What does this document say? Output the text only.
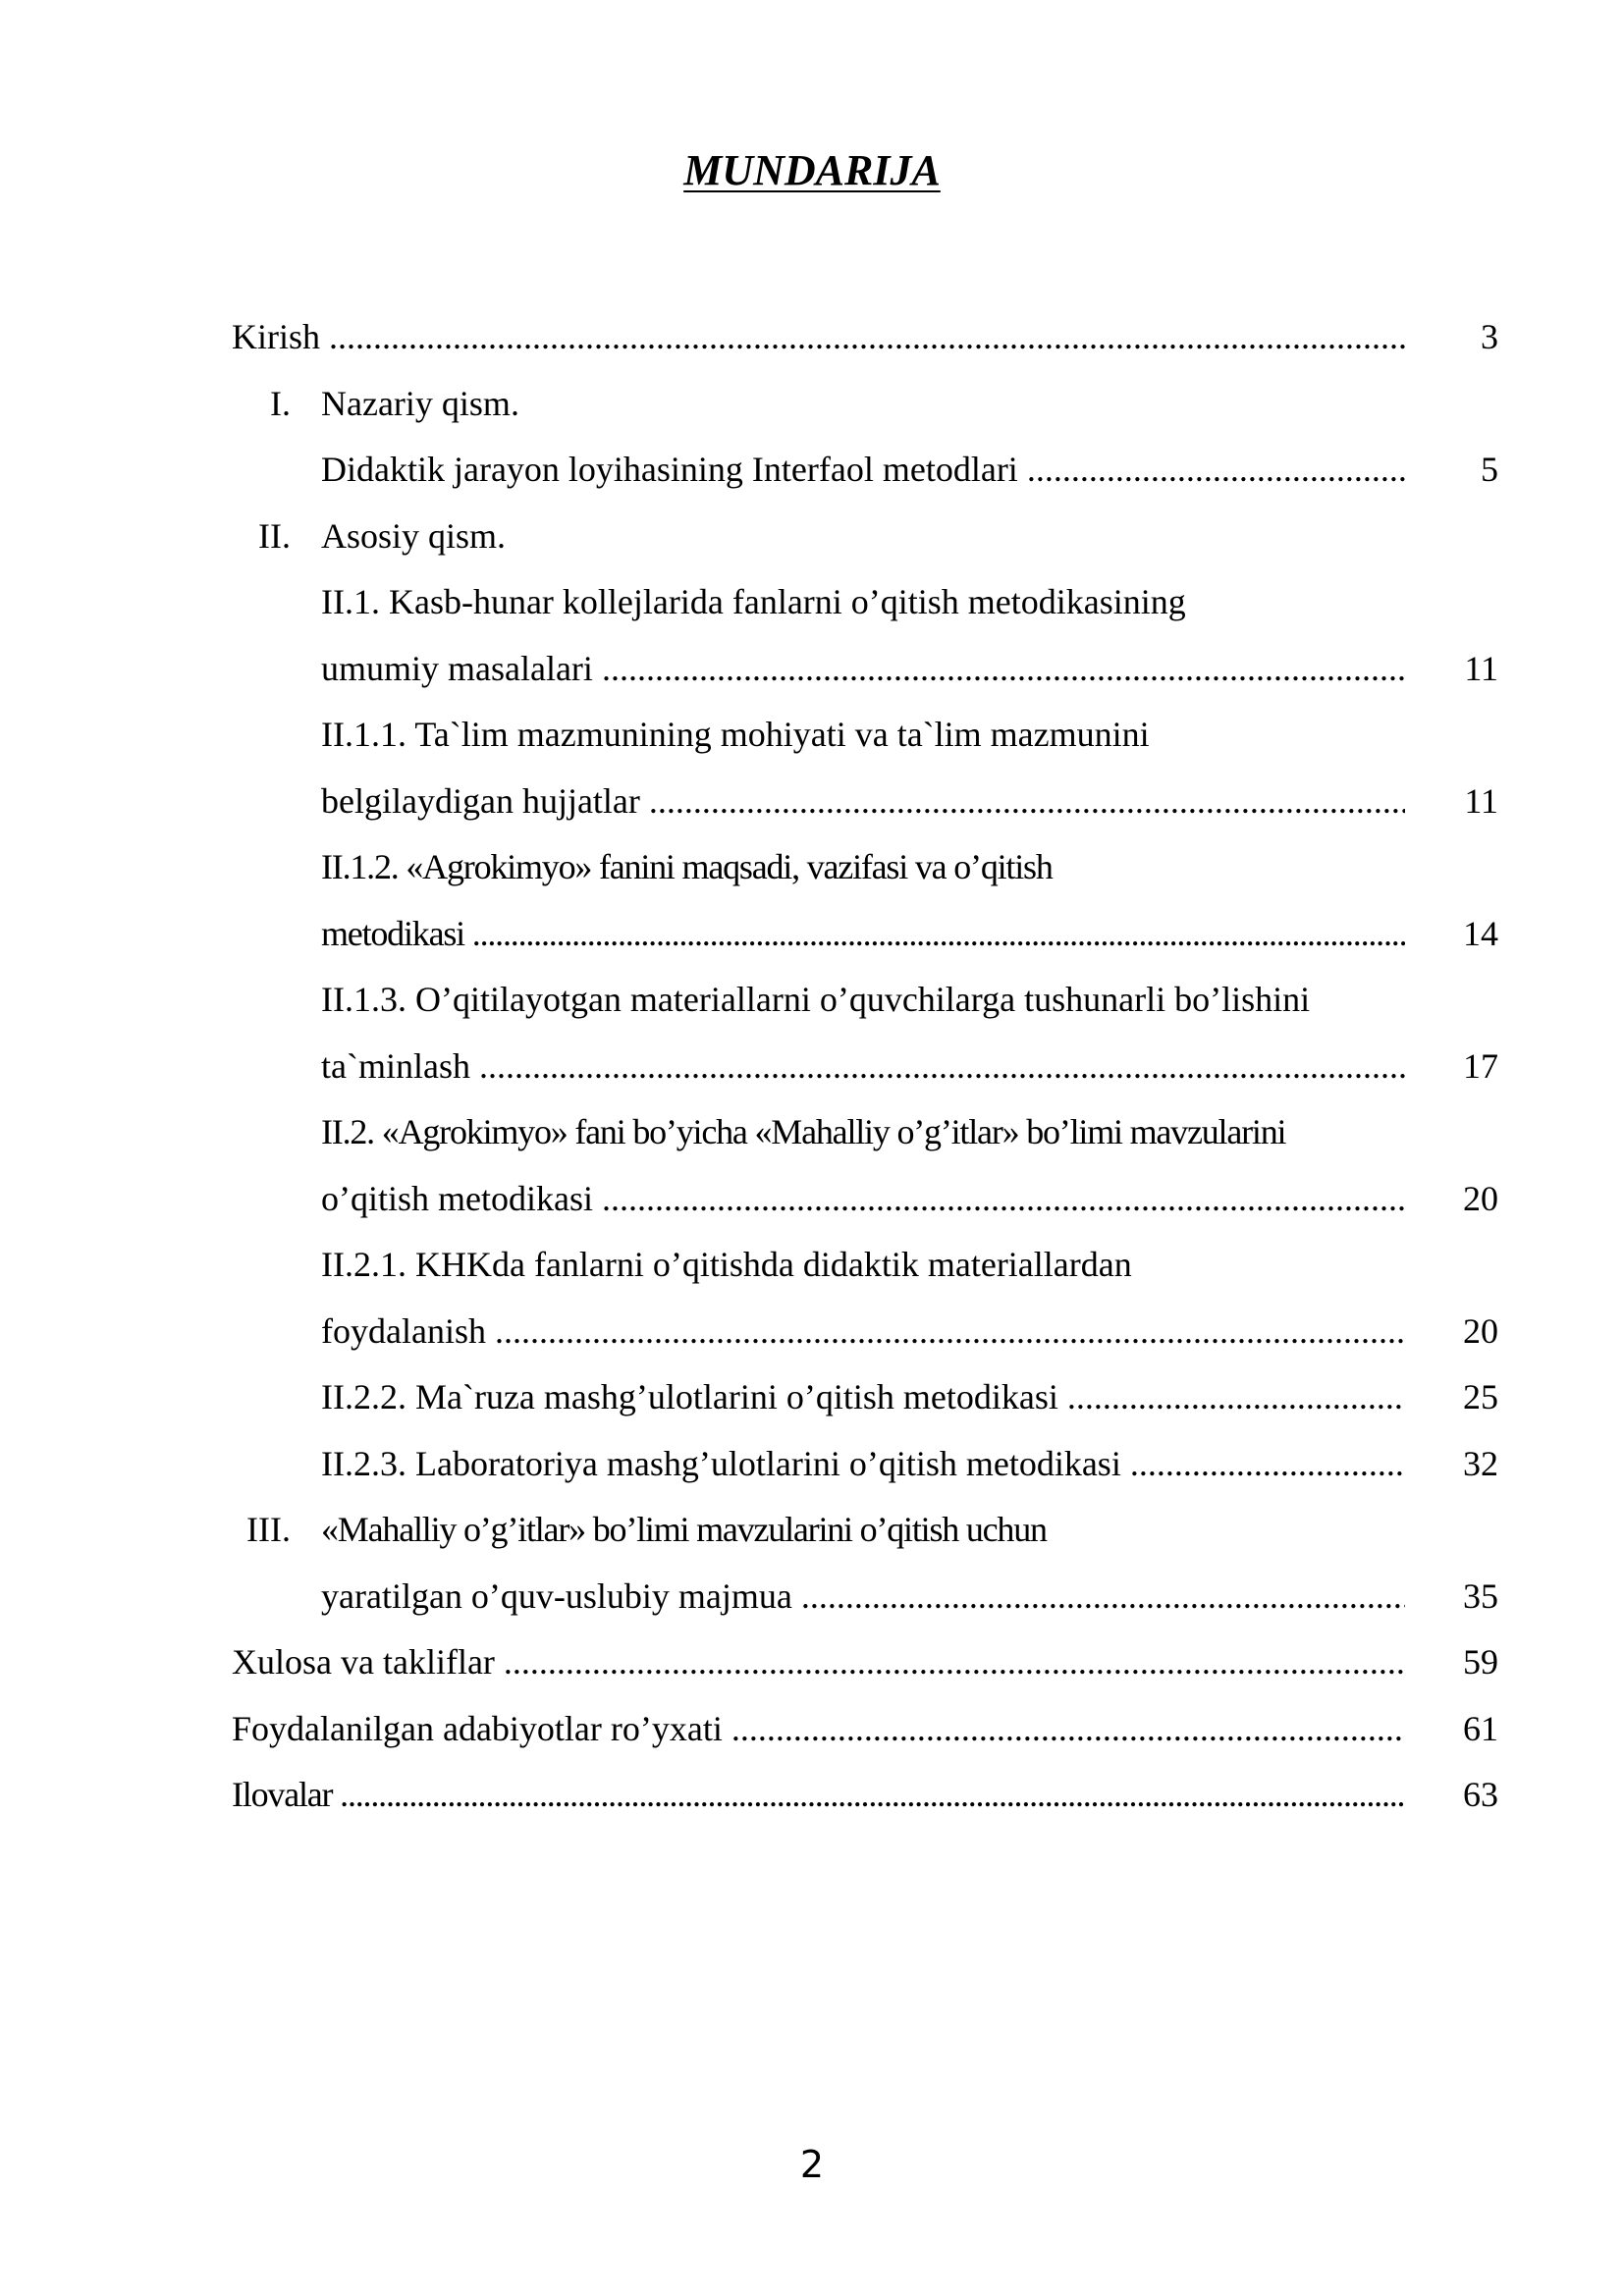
MUNDARIJA
Kirish .....	3
I. Nazariy qism.
Didaktik jarayon loyihasining Interfaol metodlari .....	5
II. Asosiy qism.
II.1. Kasb-hunar kollejlarida fanlarni o’qitish metodikasining
umumiy masalalari .....	11
II.1.1. Ta`lim mazmunining mohiyati va ta`lim mazmunini
belgilaydigan hujjatlar .....	11
II.1.2. «Agrokimyo» fanini maqsadi, vazifasi va o’qitish
metodikasi .....	14
II.1.3. O’qitilayotgan materiallarni o’quvchilarga tushunarli bo’lishini
ta`minlash .....	17
II.2. «Agrokimyo» fani bo’yicha «Mahalliy o’g’itlar» bo’limi mavzularini
o’qitish metodikasi .....	20
II.2.1. KHKda fanlarni o’qitishda didaktik materiallardan
foydalanish .....	20
II.2.2. Ma`ruza mashg’ulotlarini o’qitish metodikasi .....	25
II.2.3. Laboratoriya mashg’ulotlarini o’qitish metodikasi .....	32
III. «Mahalliy o’g’itlar» bo’limi mavzularini o’qitish uchun
yaratilgan o’quv-uslubiy majmua .....	35
Xulosa va takliflar .....	59
Foydalanilgan adabiyotlar ro’yxati .....	61
Ilovalar .....	63
2
